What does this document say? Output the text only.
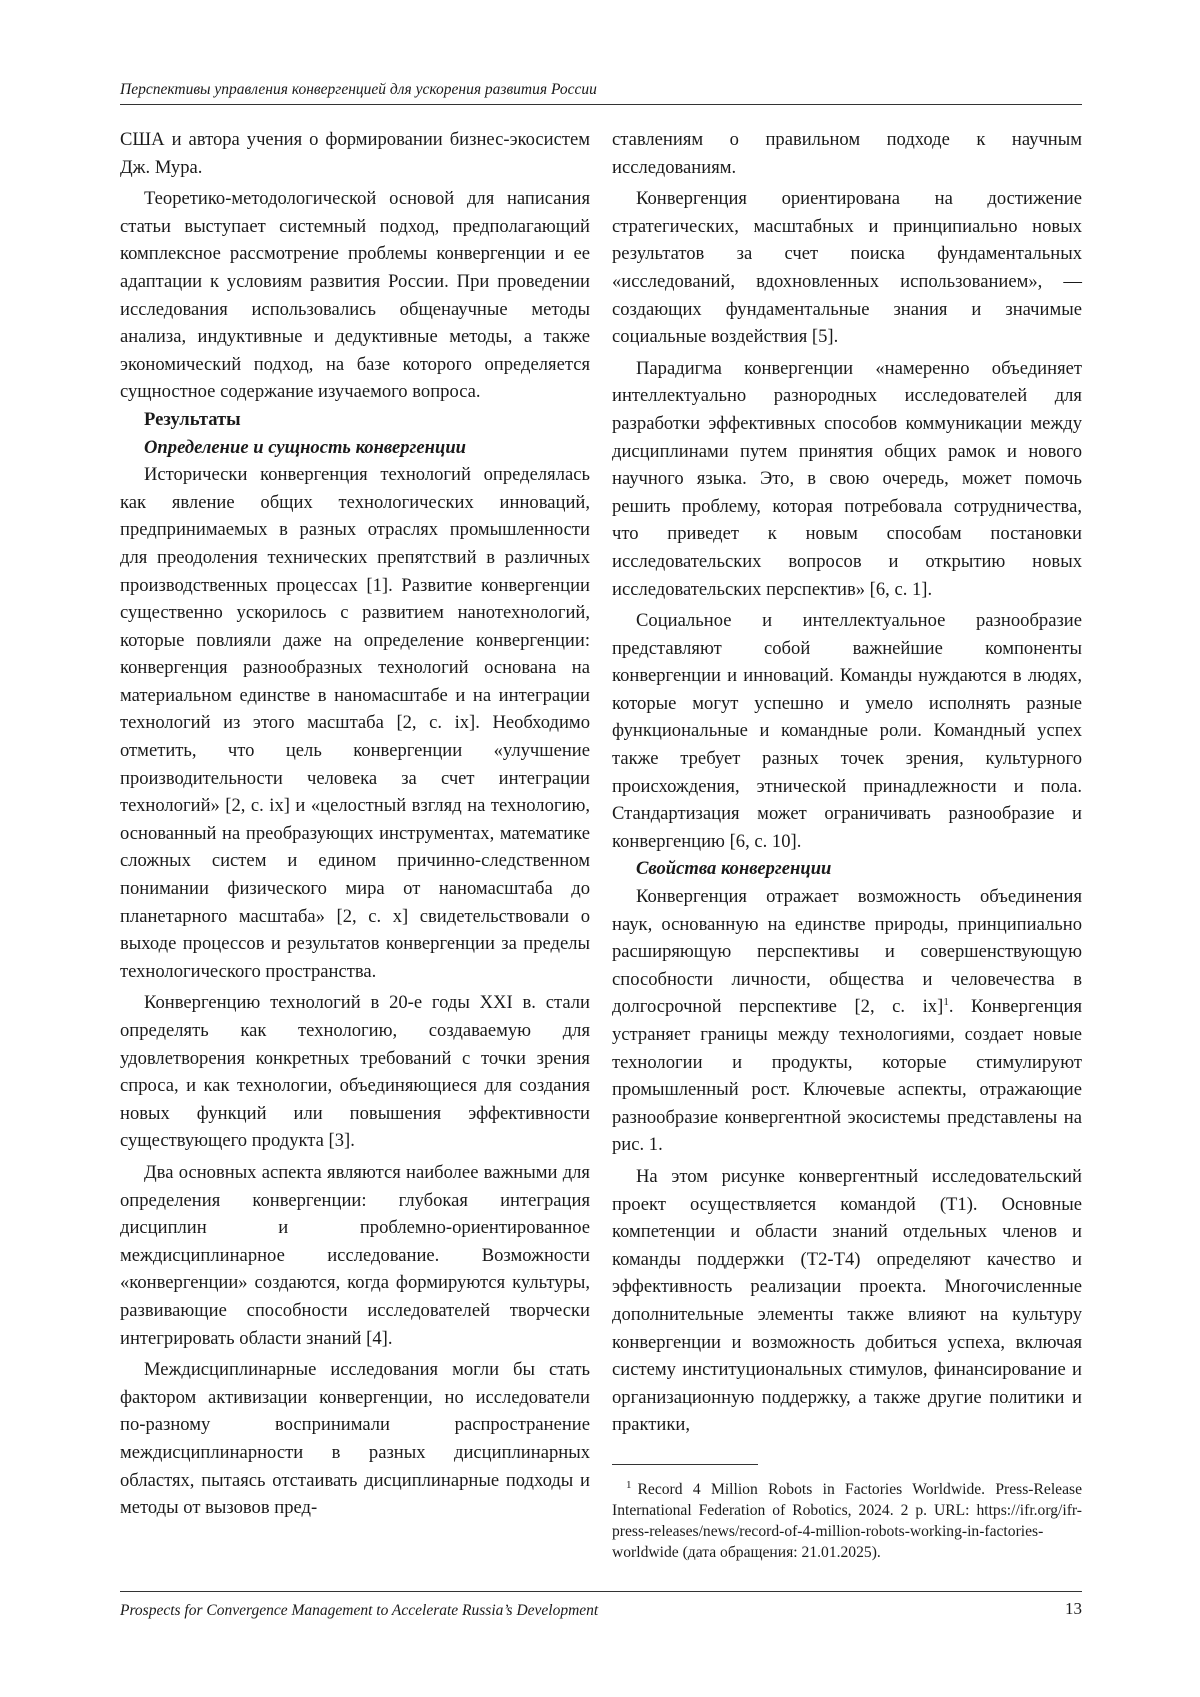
Перспективы управления конвергенцией для ускорения развития России

США и автора учения о формировании бизнес-экосистем Дж. Мура.

Теоретико-методологической основой для написания статьи выступает системный подход, предполагающий комплексное рассмотрение проблемы конвергенции и ее адаптации к условиям развития России. При проведении исследования использовались общенаучные методы анализа, индуктивные и дедуктивные методы, а также экономический подход, на базе которого определяется сущностное содержание изучаемого вопроса.

Результаты
Определение и сущность конвергенции

Исторически конвергенция технологий определялась как явление общих технологических инноваций, предпринимаемых в разных отраслях промышленности для преодоления технических препятствий в различных производственных процессах [1]. Развитие конвергенции существенно ускорилось с развитием нанотехнологий, которые повлияли даже на определение конвергенции: конвергенция разнообразных технологий основана на материальном единстве в наномасштабе и на интеграции технологий из этого масштаба [2, с. ix]. Необходимо отметить, что цель конвергенции «улучшение производительности человека за счет интеграции технологий» [2, с. ix] и «целостный взгляд на технологию, основанный на преобразующих инструментах, математике сложных систем и едином причинно-следственном понимании физического мира от наномасштаба до планетарного масштаба» [2, с. x] свидетельствовали о выходе процессов и результатов конвергенции за пределы технологического пространства.

Конвергенцию технологий в 20-е годы XXI в. стали определять как технологию, создаваемую для удовлетворения конкретных требований с точки зрения спроса, и как технологии, объединяющиеся для создания новых функций или повышения эффективности существующего продукта [3].

Два основных аспекта являются наиболее важными для определения конвергенции: глубокая интеграция дисциплин и проблемно-ориентированное междисциплинарное исследование. Возможности «конвергенции» создаются, когда формируются культуры, развивающие способности исследователей творчески интегрировать области знаний [4].

Междисциплинарные исследования могли бы стать фактором активизации конвергенции, но исследователи по-разному воспринимали распространение междисциплинарности в разных дисциплинарных областях, пытаясь отстаивать дисциплинарные подходы и методы от вызовов пред-

ставлениям о правильном подходе к научным исследованиям.

Конвергенция ориентирована на достижение стратегических, масштабных и принципиально новых результатов за счет поиска фундаментальных «исследований, вдохновленных использованием», — создающих фундаментальные знания и значимые социальные воздействия [5].

Парадигма конвергенции «намеренно объединяет интеллектуально разнородных исследователей для разработки эффективных способов коммуникации между дисциплинами путем принятия общих рамок и нового научного языка. Это, в свою очередь, может помочь решить проблему, которая потребовала сотрудничества, что приведет к новым способам постановки исследовательских вопросов и открытию новых исследовательских перспектив» [6, с. 1].

Социальное и интеллектуальное разнообразие представляют собой важнейшие компоненты конвергенции и инноваций. Команды нуждаются в людях, которые могут успешно и умело исполнять разные функциональные и командные роли. Командный успех также требует разных точек зрения, культурного происхождения, этнической принадлежности и пола. Стандартизация может ограничивать разнообразие и конвергенцию [6, с. 10].

Свойства конвергенции

Конвергенция отражает возможность объединения наук, основанную на единстве природы, принципиально расширяющую перспективы и совершенствующую способности личности, общества и человечества в долгосрочной перспективе [2, с. ix]$^1$. Конвергенция устраняет границы между технологиями, создает новые технологии и продукты, которые стимулируют промышленный рост. Ключевые аспекты, отражающие разнообразие конвергентной экосистемы представлены на рис. 1.

На этом рисунке конвергентный исследовательский проект осуществляется командой (T1). Основные компетенции и области знаний отдельных членов и команды поддержки (T2-T4) определяют качество и эффективность реализации проекта. Многочисленные дополнительные элементы также влияют на культуру конвергенции и возможность добиться успеха, включая систему институциональных стимулов, финансирование и организационную поддержку, а также другие политики и практики,

$^1$ Record 4 Million Robots in Factories Worldwide. Press-Release International Federation of Robotics, 2024. 2 p. URL: https://ifr.org/ifr-press-releases/news/record-of-4-million-robots-working-in-factories-worldwide (дата обращения: 21.01.2025).
Prospects for Convergence Management to Accelerate Russia’s Development	13
